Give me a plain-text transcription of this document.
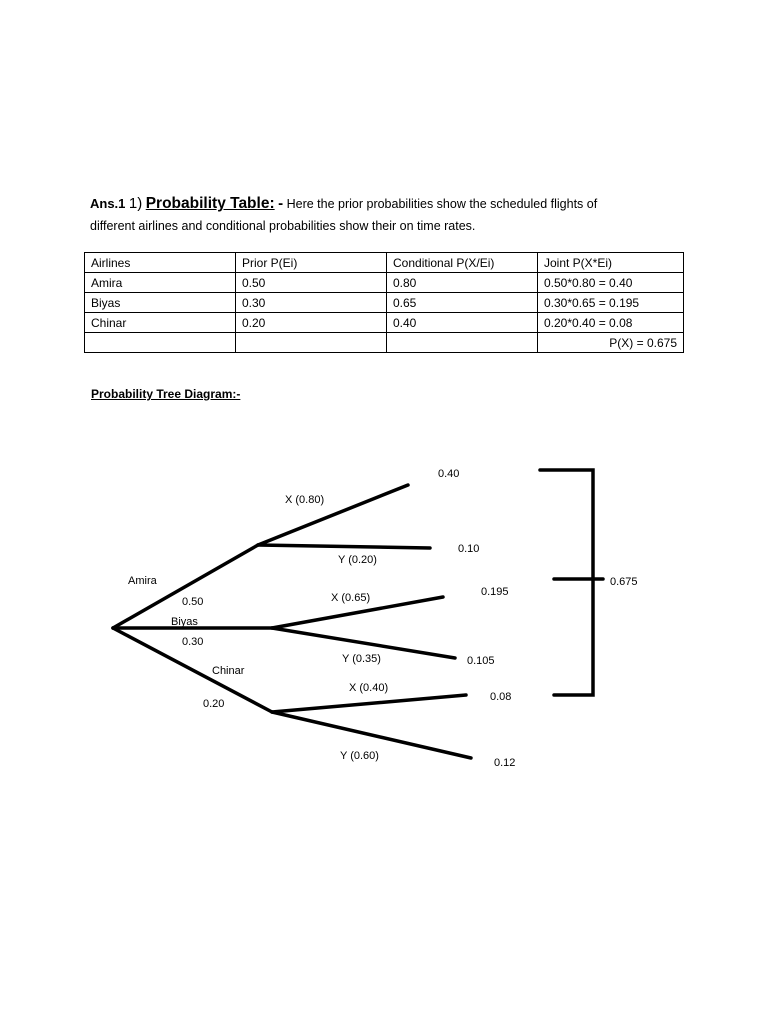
Ans.1 1) Probability Table: - Here the prior probabilities show the scheduled flights of
different airlines and conditional probabilities show their on time rates.
Airlines	Prior P(Ei)	Conditional P(X/Ei)	Joint P(X*Ei)
Amira	0.50	0.80	0.50*0.80 = 0.40
Biyas	0.30	0.65	0.30*0.65 = 0.195
Chinar	0.20	0.40	0.20*0.40 = 0.08
			P(X) = 0.675
Probability Tree Diagram:-
Amira
0.50
Biyas
0.30
Chinar
0.20
X (0.80)
Y (0.20)
X (0.65)
Y (0.35)
X (0.40)
Y (0.60)
0.40
0.10
0.195
0.105
0.08
0.12
0.675
